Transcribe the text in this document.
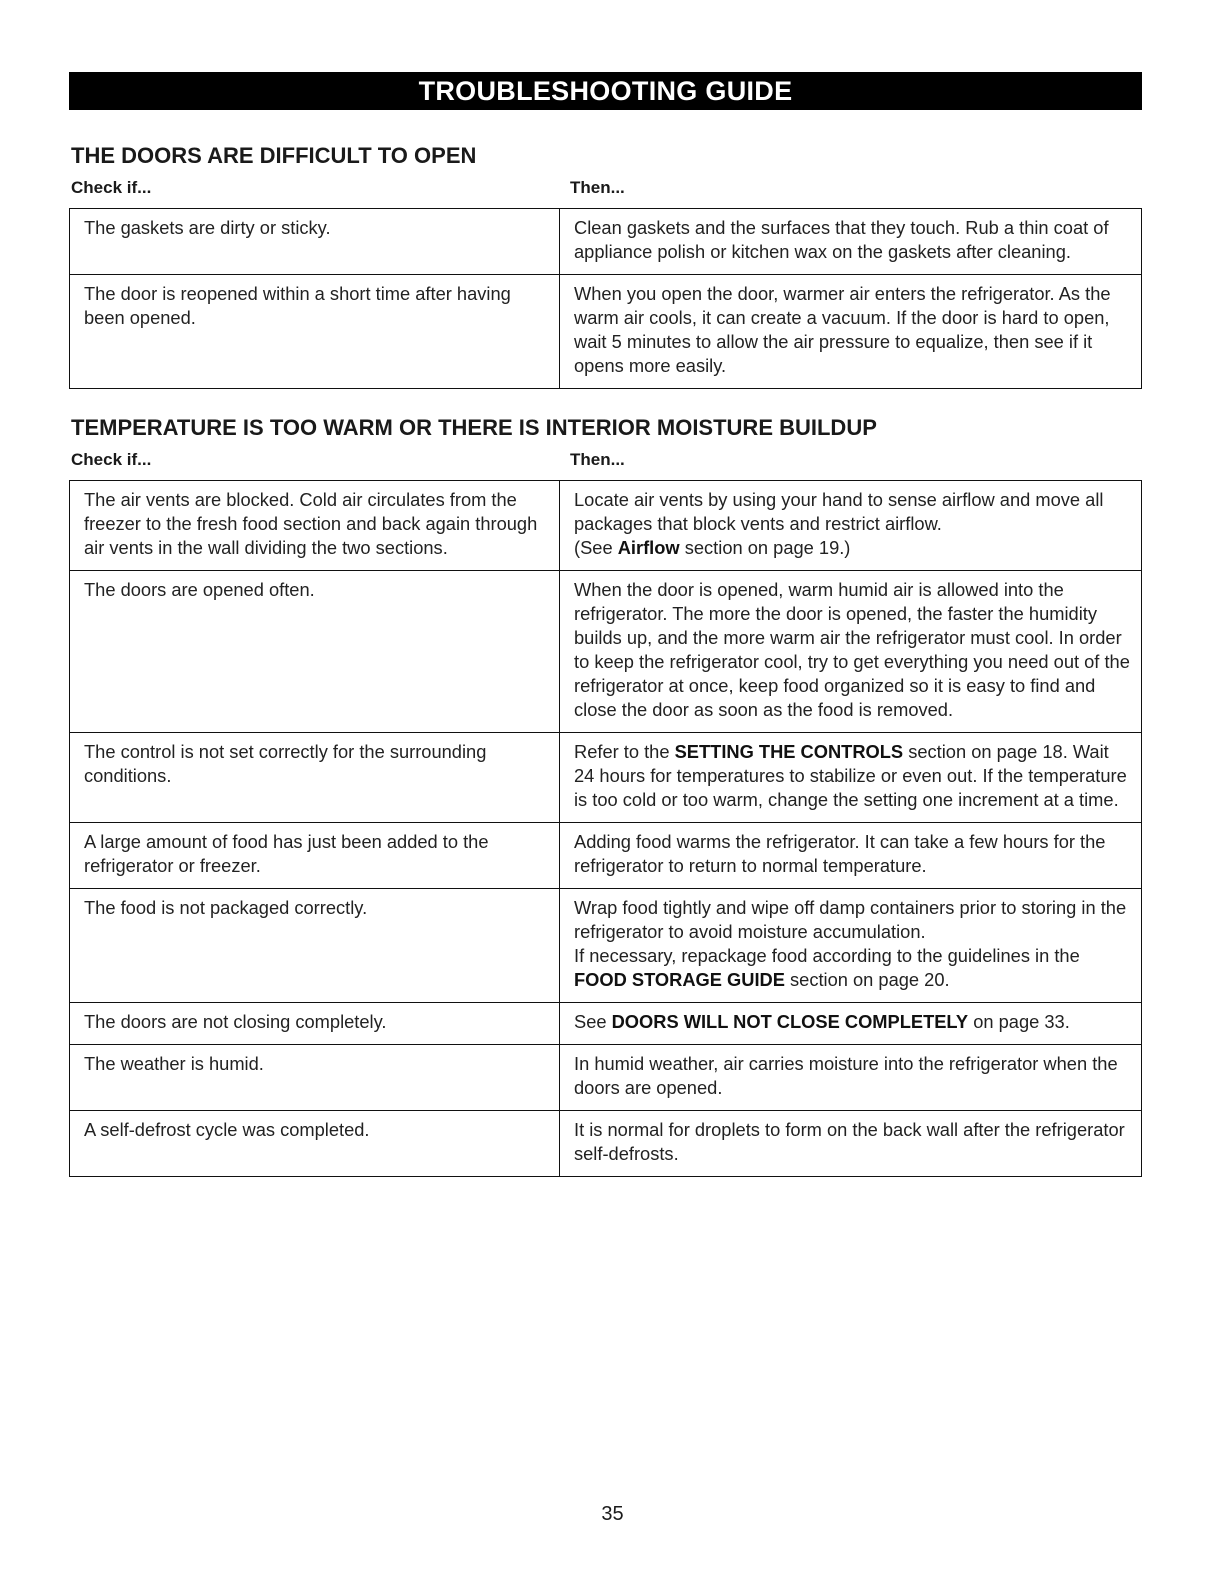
TROUBLESHOOTING GUIDE
THE DOORS ARE DIFFICULT TO OPEN
Check if...	Then...
The gaskets are dirty or sticky.	Clean gaskets and the surfaces that they touch. Rub a thin coat of appliance polish or kitchen wax on the gaskets after cleaning.
The door is reopened within a short time after having been opened.	When you open the door, warmer air enters the refrigerator. As the warm air cools, it can create a vacuum. If the door is hard to open, wait 5 minutes to allow the air pressure to equalize, then see if it opens more easily.
TEMPERATURE IS TOO WARM OR THERE IS INTERIOR MOISTURE BUILDUP
Check if...	Then...
The air vents are blocked. Cold air circulates from the freezer to the fresh food section and back again through air vents in the wall dividing the two sections.	Locate air vents by using your hand to sense airflow and move all packages that block vents and restrict airflow.
(See Airflow section on page 19.)
The doors are opened often.	When the door is opened, warm humid air is allowed into the refrigerator. The more the door is opened, the faster the humidity builds up, and the more warm air the refrigerator must cool. In order to keep the refrigerator cool, try to get everything you need out of the refrigerator at once, keep food organized so it is easy to find and close the door as soon as the food is removed.
The control is not set correctly for the surrounding conditions.	Refer to the SETTING THE CONTROLS section on page 18. Wait 24 hours for temperatures to stabilize or even out. If the temperature is too cold or too warm, change the setting one increment at a time.
A large amount of food has just been added to the refrigerator or freezer.	Adding food warms the refrigerator. It can take a few hours for the refrigerator to return to normal temperature.
The food is not packaged correctly.	Wrap food tightly and wipe off damp containers prior to storing in the refrigerator to avoid moisture accumulation.
If necessary, repackage food according to the guidelines in the FOOD STORAGE GUIDE section on page 20.
The doors are not closing completely.	See DOORS WILL NOT CLOSE COMPLETELY on page 33.
The weather is humid.	In humid weather, air carries moisture into the refrigerator when the doors are opened.
A self-defrost cycle was completed.	It is normal for droplets to form on the back wall after the refrigerator self-defrosts.
35
